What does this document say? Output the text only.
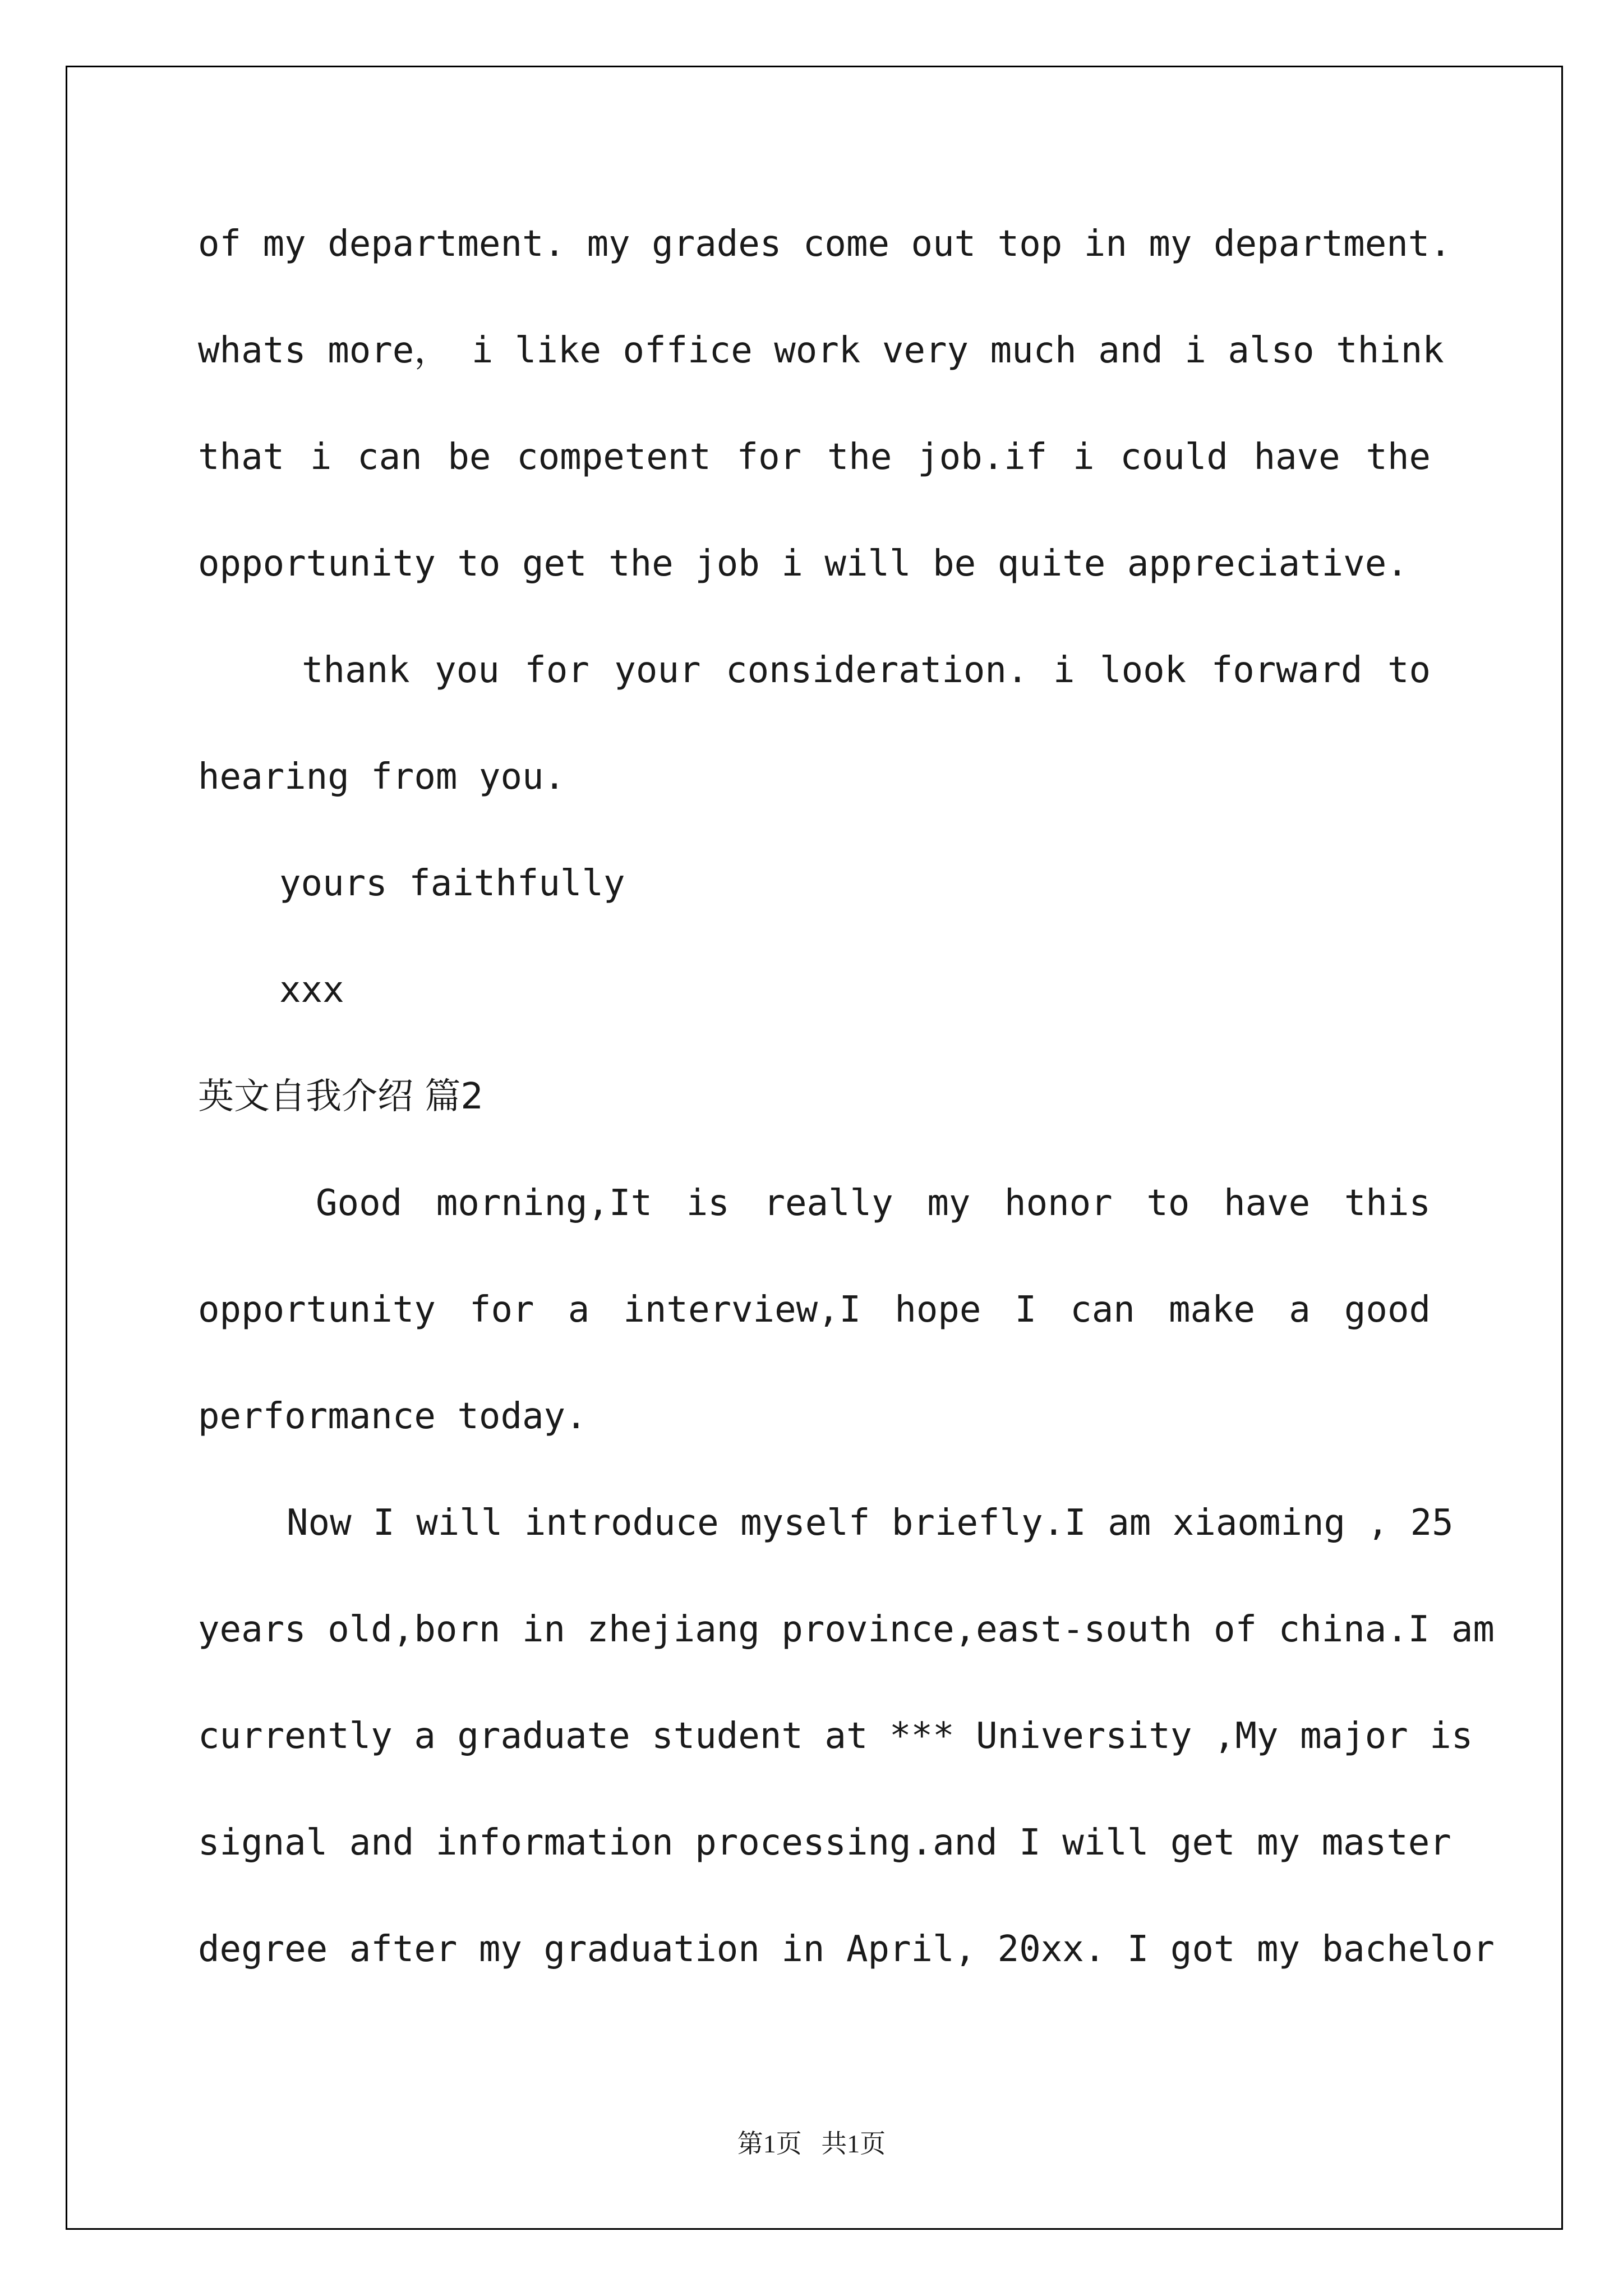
of my department. my grades come out top in my department.
whats more， i like office work very much and i also think
that i can be competent for the job.if i could have the
opportunity to get the job i will be quite appreciative.
thank you for your consideration. i look forward to
hearing from you.
yours faithfully
xxx
英文自我介绍 篇2
Good morning,It is really my honor to have this
opportunity for a interview,I hope I can make a good
performance today.
Now I will introduce myself briefly.I am xiaoming , 25
years old,born in zhejiang province,east-south of china.I am
currently a graduate student at *** University ,My major is
signal and information processing.and I will get my master
degree after my graduation in April, 20xx. I got my bachelor
第1页   共1页
